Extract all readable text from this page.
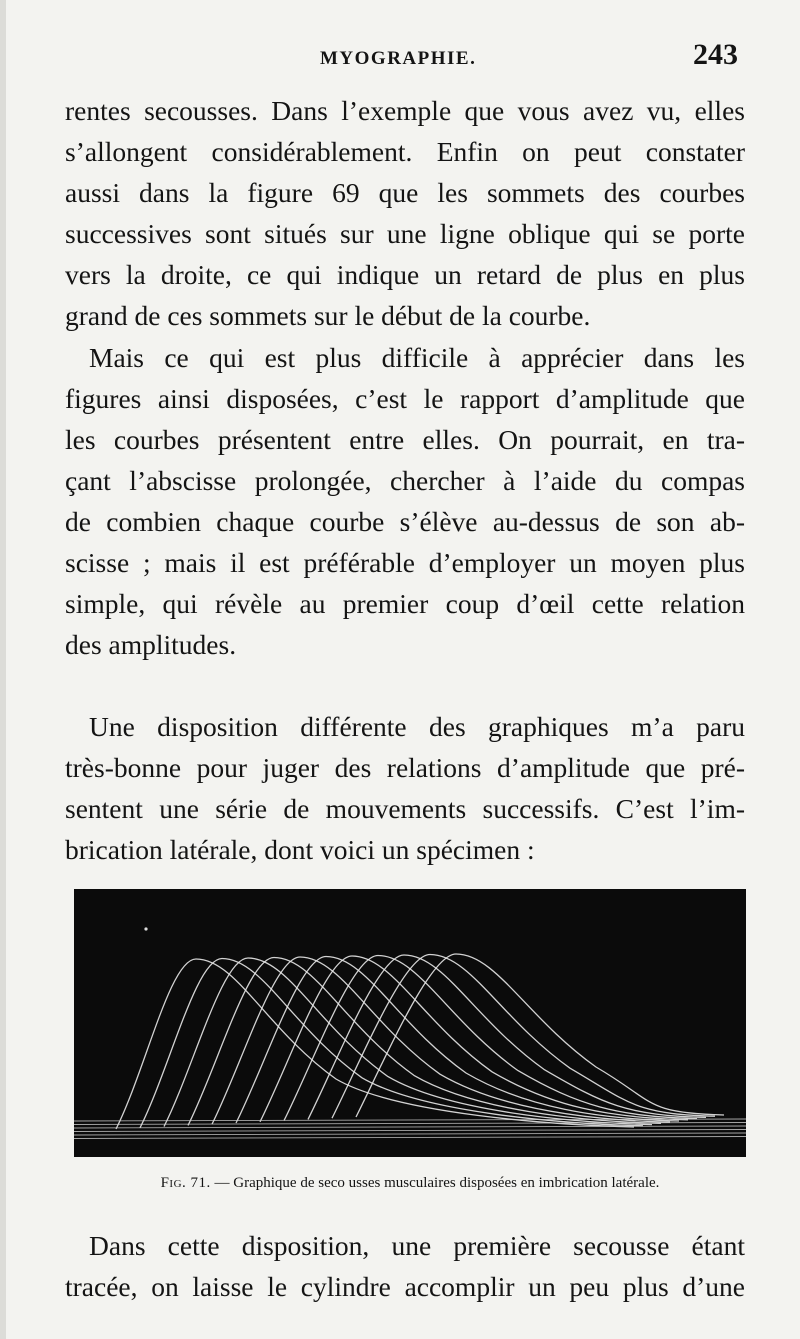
MYOGRAPHIE.	243
rentes secousses. Dans l’exemple que vous avez vu, elles
s’allongent considérablement. Enfin on peut constater
aussi dans la figure 69 que les sommets des courbes
successives sont situés sur une ligne oblique qui se porte
vers la droite, ce qui indique un retard de plus en plus
grand de ces sommets sur le début de la courbe.
Mais ce qui est plus difficile à apprécier dans les
figures ainsi disposées, c’est le rapport d’amplitude que
les courbes présentent entre elles. On pourrait, en tra-
çant l’abscisse prolongée, chercher à l’aide du compas
de combien chaque courbe s’élève au-dessus de son ab-
scisse ; mais il est préférable d’employer un moyen plus
simple, qui révèle au premier coup d’œil cette relation
des amplitudes.
Une disposition différente des graphiques m’a paru
très-bonne pour juger des relations d’amplitude que pré-
sentent une série de mouvements successifs. C’est l’im-
brication latérale, dont voici un spécimen :
Fig. 71. — Graphique de seco usses musculaires disposées en imbrication latérale.
Dans cette disposition, une première secousse étant
tracée, on laisse le cylindre accomplir un peu plus d’une
